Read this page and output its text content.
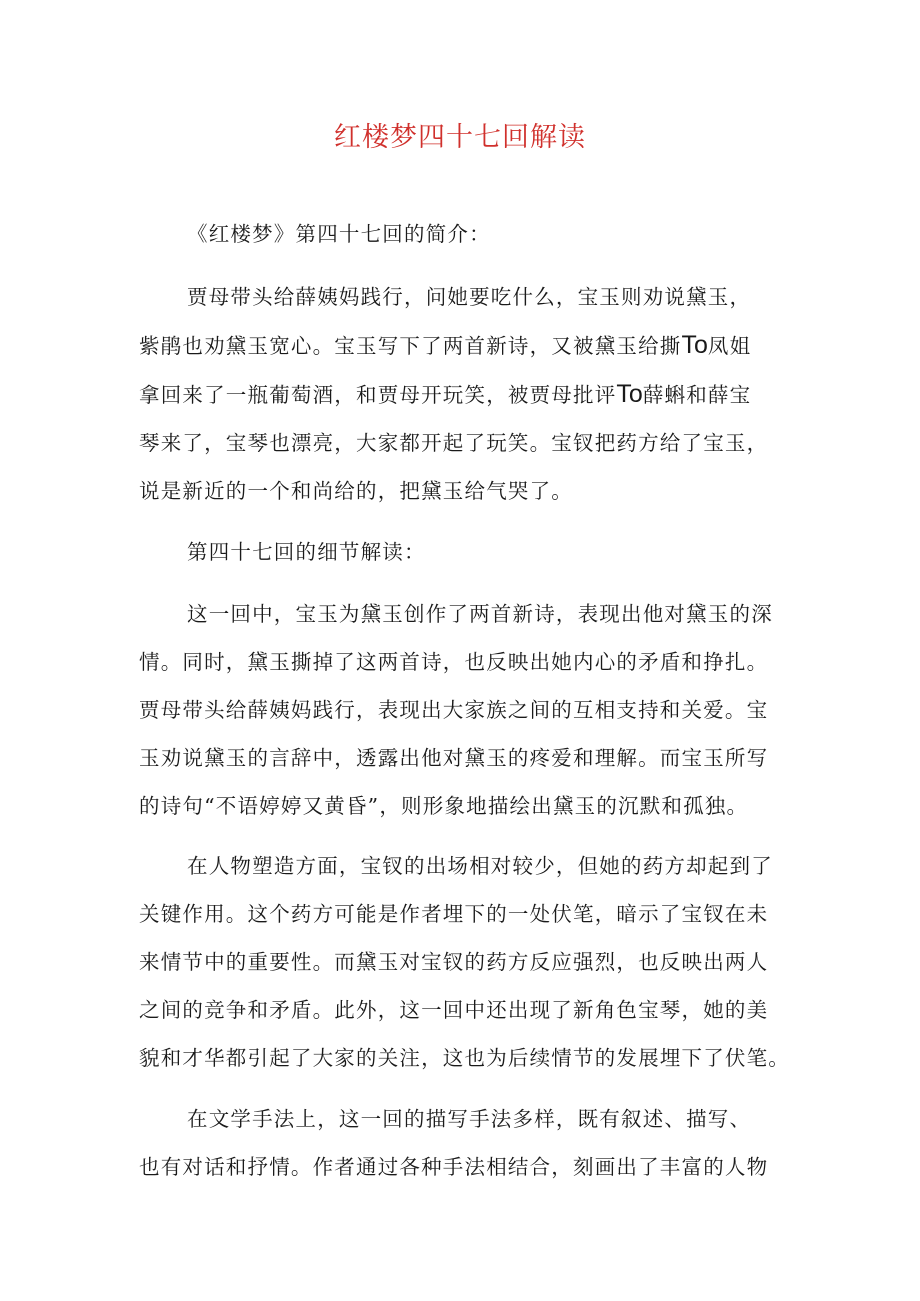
红楼梦四十七回解读

《红楼梦》第四十七回的简介：

贾母带头给薛姨妈践行，问她要吃什么，宝玉则劝说黛玉，
紫鹃也劝黛玉宽心。宝玉写下了两首新诗，又被黛玉给撕To凤姐
拿回来了一瓶葡萄酒，和贾母开玩笑，被贾母批评To薛蝌和薛宝
琴来了，宝琴也漂亮，大家都开起了玩笑。宝钗把药方给了宝玉，
说是新近的一个和尚给的，把黛玉给气哭了。

第四十七回的细节解读：

这一回中，宝玉为黛玉创作了两首新诗，表现出他对黛玉的深
情。同时，黛玉撕掉了这两首诗，也反映出她内心的矛盾和挣扎。
贾母带头给薛姨妈践行，表现出大家族之间的互相支持和关爱。宝
玉劝说黛玉的言辞中，透露出他对黛玉的疼爱和理解。而宝玉所写
的诗句“不语婷婷又黄昏”，则形象地描绘出黛玉的沉默和孤独。

在人物塑造方面，宝钗的出场相对较少，但她的药方却起到了
关键作用。这个药方可能是作者埋下的一处伏笔，暗示了宝钗在未
来情节中的重要性。而黛玉对宝钗的药方反应强烈，也反映出两人
之间的竞争和矛盾。此外，这一回中还出现了新角色宝琴，她的美
貌和才华都引起了大家的关注，这也为后续情节的发展埋下了伏笔。

在文学手法上，这一回的描写手法多样，既有叙述、描写、
也有对话和抒情。作者通过各种手法相结合，刻画出了丰富的人物
